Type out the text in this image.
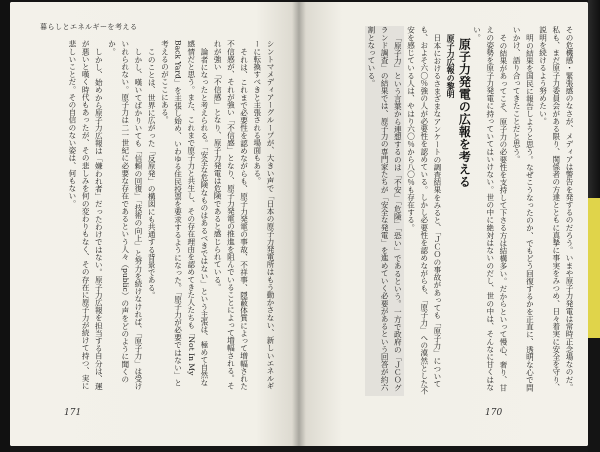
暮らしとエネルギーを考える

シントマメディアーグループが、大きい声で「日本の原子力発電所はもう動かさない、新しいエネルギーに転換すべきと主張される場面もある。

それは、これまで必要性を認めながらも、原子力発電の事故、不祥事、隠蔽体質によって増幅された不信感が、それが強い「不信感」となり、原子力発電の推進を阻んでいることによって増幅される。それが強い「不信感」となり、原子力発電は危険であると感じられている。

論者になったと考えられる。「安全な危険なものはあるべきではない」という主張は、極めて自然な感情だと思う。また、これまで原子力と共生し、その存在理由を認めてきた人たちも「Not In My Back Yard」を主張し始め、いわゆる住民投票を要求するようになった。「原子力が必要ではない」と考えるのがここにある。

このことは、世界に広がった「反原発」の構図にも共通する背景である。

しかし、嘆いてばかりいても「信頼の回復」「技術の向上」と努力を続けなければ、「原子力」は受けいれられない。原子力は二一世紀に必要な存在であるという人々（public）の声をどのように聞くのか。

しかし、始めから原子力広報は「嫌われ者」だったわけではない。原子力広報を担当する自分は、運が悪いと嘆く時代もあったが、その悲しみを何の変わりもなく、その存在に原子力が続けて持つ、実に悲しいことだ。その自信のない姿は、何もない。

171

その危機感・緊張感のなさが、メディアは警告を発するのだろう。いまや原子力発電は常時正念場なのだ。私も、まだ原子力委員会がある限り、関係者の方達とともに真摯に事実をみつめ、日々着実に安全を守り、説明を続けるよう努めたい。

明の結果を国民に報告しようと思う。なぜこうなったのか、でもどう回復するかを正直に、透明な心で問いかけ、語り合ってきたことだと思う。

その結果があってこそ、原子力の必要性を支持して下さる方は結構多い。だからといって慢心、奢り、甘えの姿勢を原子力発電に持っていてはいけない。世の中に絶対はないのだし、世の中は、そんなに甘くはない。

原子力発電の広報を考える

原子力広報の黎明

日本におけるさまざまなアンケートの調査結果をみると、「ＪＣＯの事故があっても「原子力」についても、およそ六〇％強の人が必要性を認めている。しかし必要性を認めながらも、「原子力」への漠然とした不安を感じている人は、やはり六〇％から八〇％も存在する。

「原子力」という言葉から連想するのは「不安」「危険」「恐い」であるという。一方で政府の「ＪＣＯグランド調査」の結果では、原子力の専門家たちが「安全な発電」を進めていく必要があるという回答が約六割となっている。

170
